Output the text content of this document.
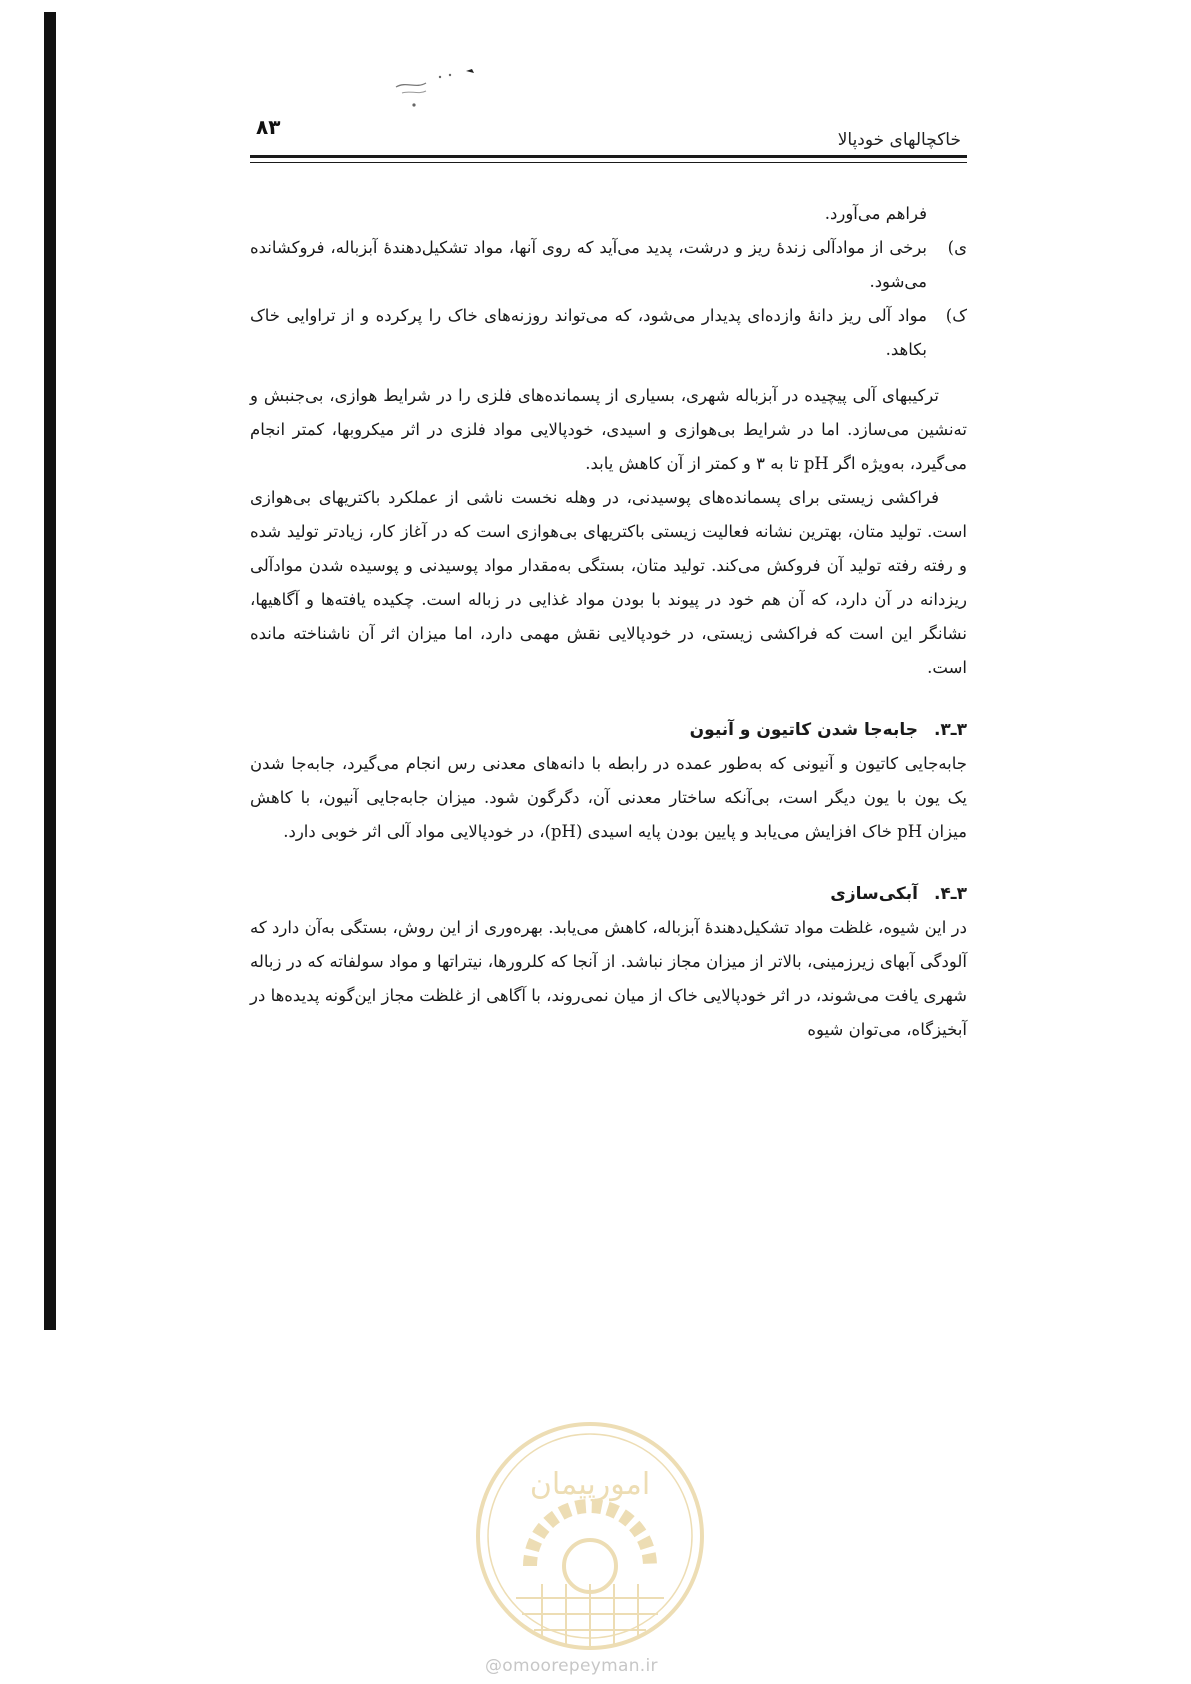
خاکچالهای خودپالا
۸۳

فراهم می‌آورد.

ی)
برخی از موادآلی زندهٔ ریز و درشت، پدید می‌آید که روی آنها، مواد تشکیل‌دهندهٔ آبزباله، فروکشانده می‌شود.

ک)
مواد آلی ریز دانهٔ وازده‌ای پدیدار می‌شود، که می‌تواند روزنه‌های خاک را پرکرده و از تراوایی خاک بکاهد.

ترکیبهای آلی پیچیده در آبزباله شهری، بسیاری از پسمانده‌های فلزی را در شرایط هوازی، بی‌جنبش و ته‌نشین می‌سازد. اما در شرایط بی‌هوازی و اسیدی، خودپالایی مواد فلزی در اثر میکروبها، کمتر انجام می‌گیرد، به‌ویژه اگر pH تا به ۳ و کمتر از آن کاهش یابد.

فراکشی زیستی برای پسمانده‌های پوسیدنی، در وهله نخست ناشی از عملکرد باکتریهای بی‌هوازی است. تولید متان، بهترین نشانه فعالیت زیستی باکتریهای بی‌هوازی است که در آغاز کار، زیادتر تولید شده و رفته رفته تولید آن فروکش می‌کند. تولید متان، بستگی به‌مقدار مواد پوسیدنی و پوسیده شدن موادآلی ریزدانه در آن دارد، که آن هم خود در پیوند با بودن مواد غذایی در زباله است. چکیده یافته‌ها و آگاهیها، نشانگر این است که فراکشی زیستی، در خودپالایی نقش مهمی دارد، اما میزان اثر آن ناشناخته مانده است.

۳ـ۳. جابه‌جا شدن کاتیون و آنیون

جابه‌جایی کاتیون و آنیونی که به‌طور عمده در رابطه با دانه‌های معدنی رس انجام می‌گیرد، جابه‌جا شدن یک یون با یون دیگر است، بی‌آنکه ساختار معدنی آن، دگرگون شود. میزان جابه‌جایی آنیون، با کاهش میزان pH خاک افزایش می‌یابد و پایین بودن پایه اسیدی (pH)، در خودپالایی مواد آلی اثر خوبی دارد.

۳ـ۴. آبکی‌سازی

در این شیوه، غلظت مواد تشکیل‌دهندهٔ آبزباله، کاهش می‌یابد. بهره‌وری از این روش، بستگی به‌آن دارد که آلودگی آبهای زیرزمینی، بالاتر از میزان مجاز نباشد. از آنجا که کلرورها، نیتراتها و مواد سولفاته که در زباله شهری یافت می‌شوند، در اثر خودپالایی خاک از میان نمی‌روند، با آگاهی از غلظت مجاز این‌گونه پدیده‌ها در آبخیزگاه، می‌توان شیوه

امورپیمان
@omoorepeyman.ir
